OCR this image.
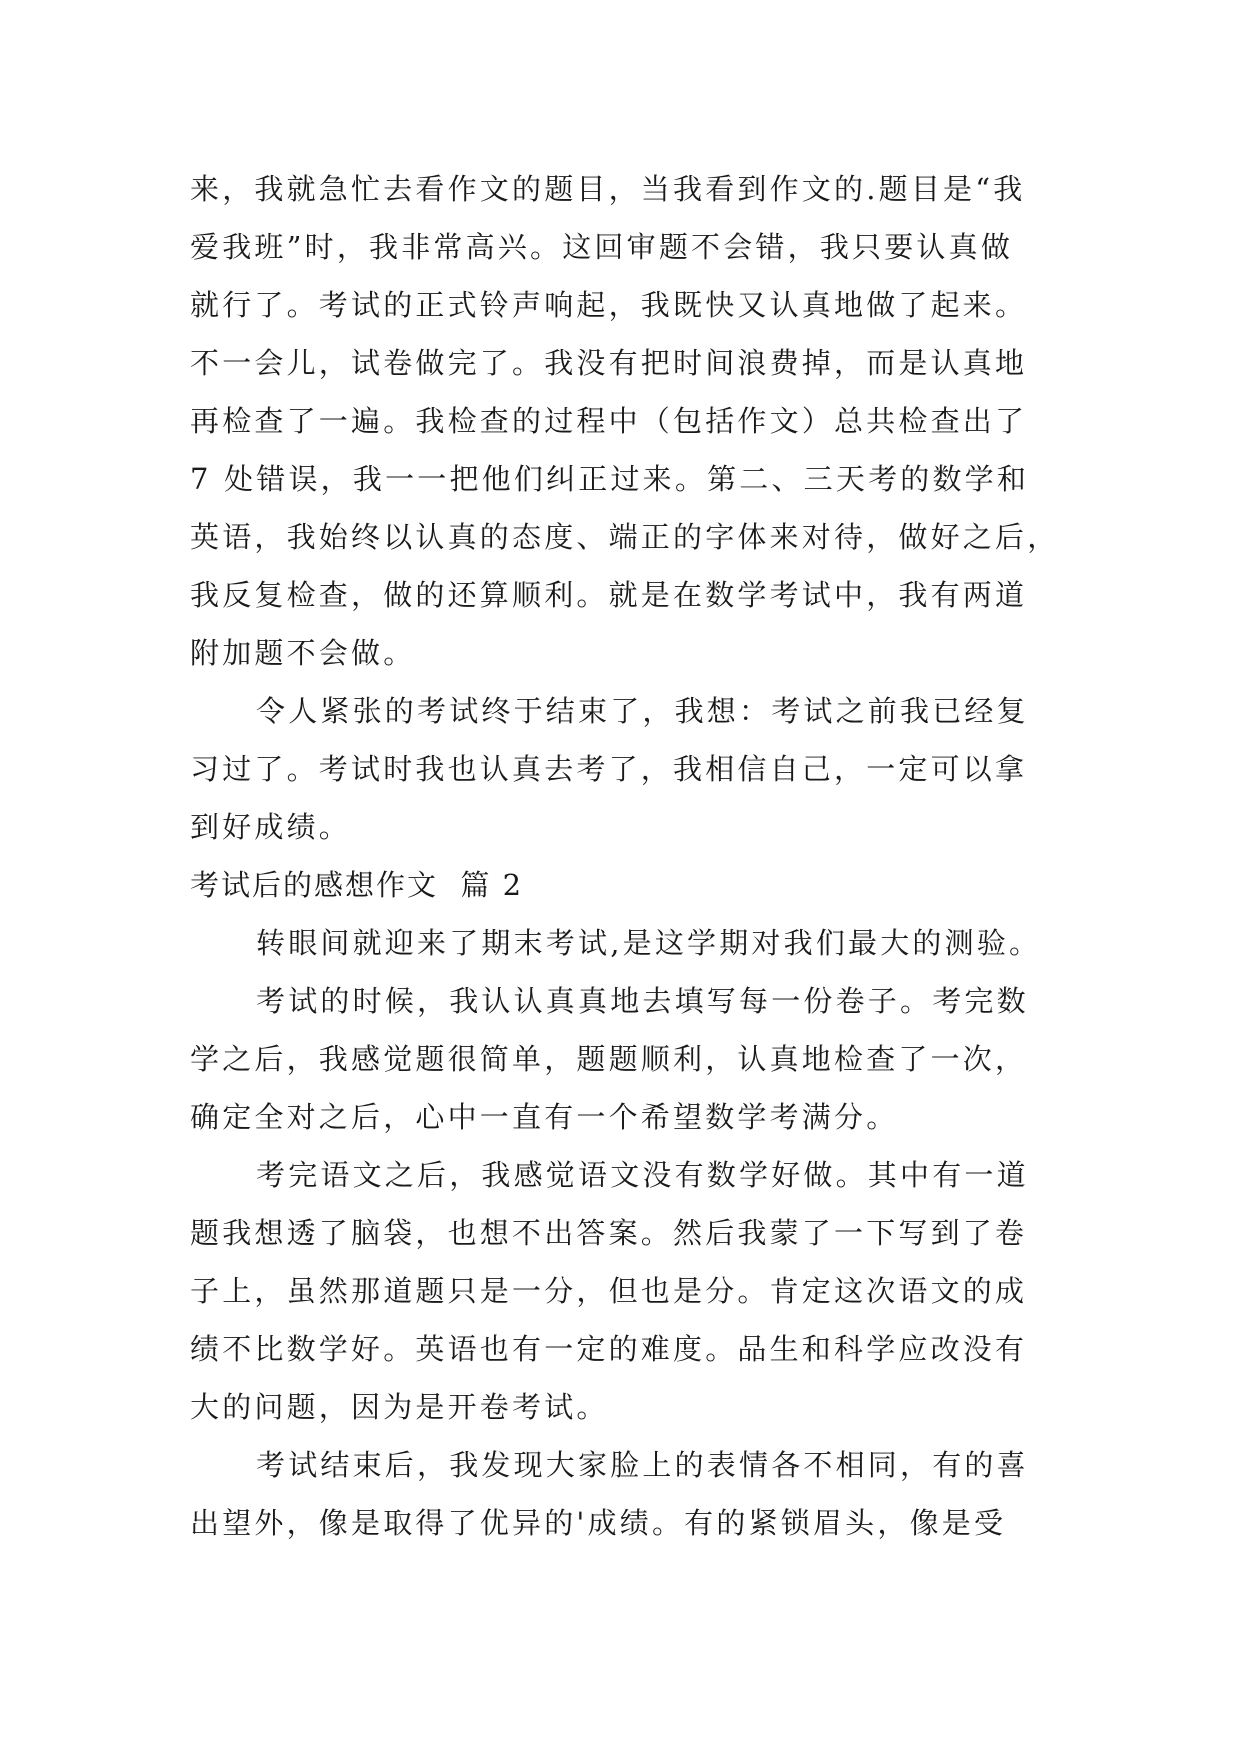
来，我就急忙去看作文的题目，当我看到作文的.题目是“我
爱我班”时，我非常高兴。这回审题不会错，我只要认真做
就行了。考试的正式铃声响起，我既快又认真地做了起来。
不一会儿，试卷做完了。我没有把时间浪费掉，而是认真地
再检查了一遍。我检查的过程中（包括作文）总共检查出了
7 处错误，我一一把他们纠正过来。第二、三天考的数学和
英语，我始终以认真的态度、端正的字体来对待，做好之后，
我反复检查，做的还算顺利。就是在数学考试中，我有两道
附加题不会做。
令人紧张的考试终于结束了，我想：考试之前我已经复
习过了。考试时我也认真去考了，我相信自己，一定可以拿
到好成绩。
考试后的感想作文  篇 2
转眼间就迎来了期末考试,是这学期对我们最大的测验。
考试的时候，我认认真真地去填写每一份卷子。考完数
学之后，我感觉题很简单，题题顺利，认真地检查了一次，
确定全对之后，心中一直有一个希望数学考满分。
考完语文之后，我感觉语文没有数学好做。其中有一道
题我想透了脑袋，也想不出答案。然后我蒙了一下写到了卷
子上，虽然那道题只是一分，但也是分。肯定这次语文的成
绩不比数学好。英语也有一定的难度。品生和科学应改没有
大的问题，因为是开卷考试。
考试结束后，我发现大家脸上的表情各不相同，有的喜
出望外，像是取得了优异的'成绩。有的紧锁眉头，像是受
